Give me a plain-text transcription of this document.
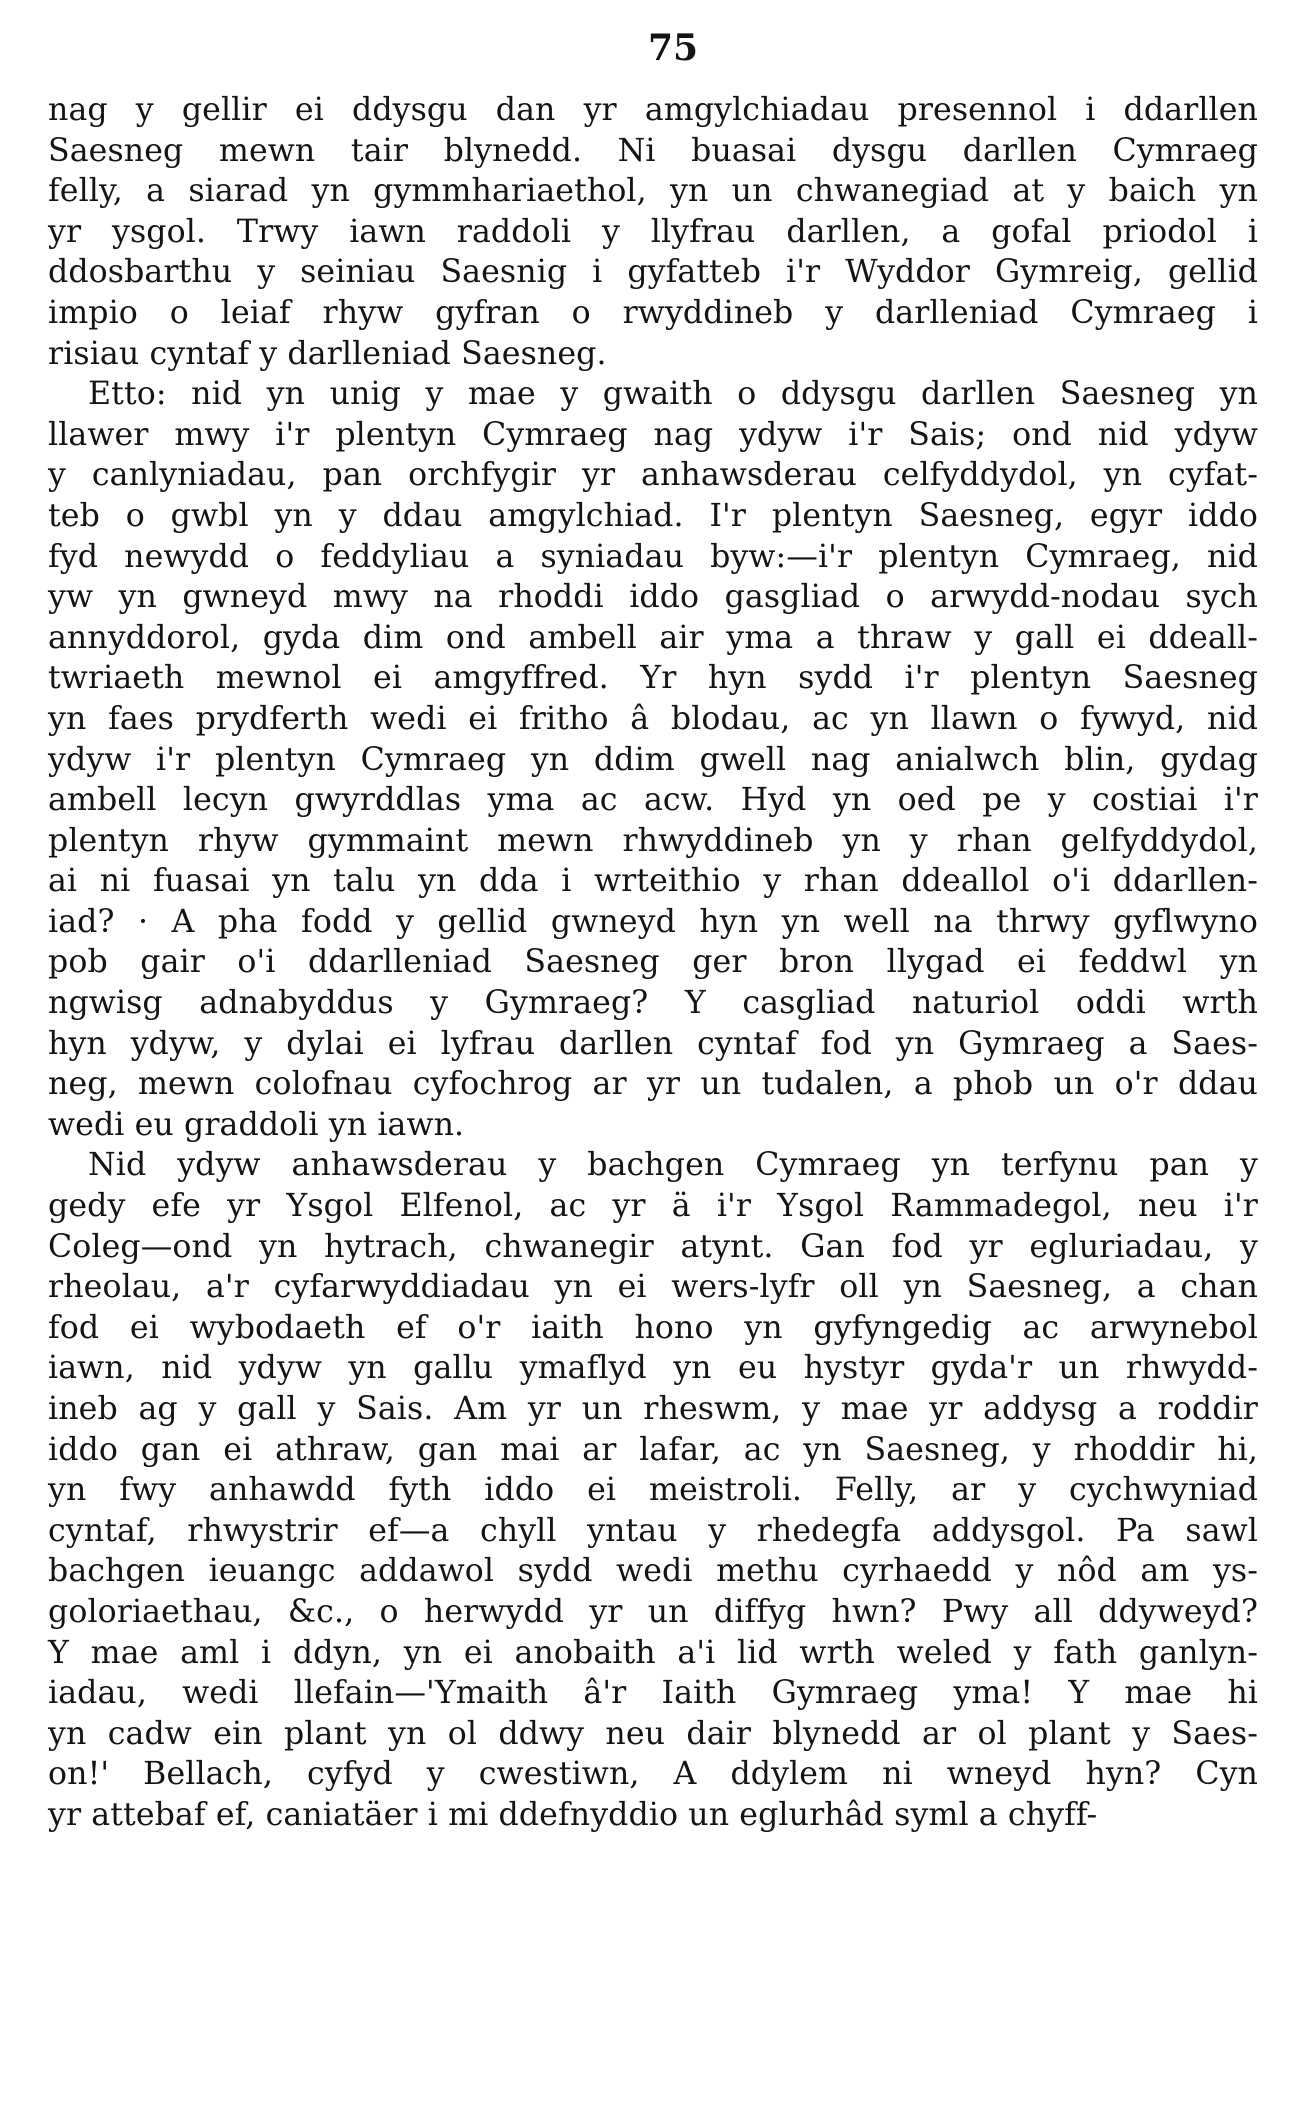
75
nag y gellir ei ddysgu dan yr amgylchiadau presennol i ddarllen
Saesneg mewn tair blynedd. Ni buasai dysgu darllen Cymraeg
felly, a siarad yn gymmhariaethol, yn un chwanegiad at y baich yn
yr ysgol. Trwy iawn raddoli y llyfrau darllen, a gofal priodol i
ddosbarthu y seiniau Saesnig i gyfatteb i'r Wyddor Gymreig, gellid
impio o leiaf rhyw gyfran o rwyddineb y darlleniad Cymraeg i
risiau cyntaf y darlleniad Saesneg.
Etto: nid yn unig y mae y gwaith o ddysgu darllen Saesneg yn
llawer mwy i'r plentyn Cymraeg nag ydyw i'r Sais; ond nid ydyw
y canlyniadau, pan orchfygir yr anhawsderau celfyddydol, yn cyfat-
teb o gwbl yn y ddau amgylchiad. I'r plentyn Saesneg, egyr iddo
fyd newydd o feddyliau a syniadau byw:—i'r plentyn Cymraeg, nid
yw yn gwneyd mwy na rhoddi iddo gasgliad o arwydd-nodau sych
annyddorol, gyda dim ond ambell air yma a thraw y gall ei ddeall-
twriaeth mewnol ei amgyffred. Yr hyn sydd i'r plentyn Saesneg
yn faes prydferth wedi ei fritho â blodau, ac yn llawn o fywyd, nid
ydyw i'r plentyn Cymraeg yn ddim gwell nag anialwch blin, gydag
ambell lecyn gwyrddlas yma ac acw. Hyd yn oed pe y costiai i'r
plentyn rhyw gymmaint mewn rhwyddineb yn y rhan gelfyddydol,
ai ni fuasai yn talu yn dda i wrteithio y rhan ddeallol o'i ddarllen-
iad? · A pha fodd y gellid gwneyd hyn yn well na thrwy gyflwyno
pob gair o'i ddarlleniad Saesneg ger bron llygad ei feddwl yn
ngwisg adnabyddus y Gymraeg? Y casgliad naturiol oddi wrth
hyn ydyw, y dylai ei lyfrau darllen cyntaf fod yn Gymraeg a Saes-
neg, mewn colofnau cyfochrog ar yr un tudalen, a phob un o'r ddau
wedi eu graddoli yn iawn.
Nid ydyw anhawsderau y bachgen Cymraeg yn terfynu pan y
gedy efe yr Ysgol Elfenol, ac yr ä i'r Ysgol Rammadegol, neu i'r
Coleg—ond yn hytrach, chwanegir atynt. Gan fod yr egluriadau, y
rheolau, a'r cyfarwyddiadau yn ei wers-lyfr oll yn Saesneg, a chan
fod ei wybodaeth ef o'r iaith hono yn gyfyngedig ac arwynebol
iawn, nid ydyw yn gallu ymaflyd yn eu hystyr gyda'r un rhwydd-
ineb ag y gall y Sais. Am yr un rheswm, y mae yr addysg a roddir
iddo gan ei athraw, gan mai ar lafar, ac yn Saesneg, y rhoddir hi,
yn fwy anhawdd fyth iddo ei meistroli. Felly, ar y cychwyniad
cyntaf, rhwystrir ef—a chyll yntau y rhedegfa addysgol. Pa sawl
bachgen ieuangc addawol sydd wedi methu cyrhaedd y nôd am ys-
goloriaethau, &c., o herwydd yr un diffyg hwn? Pwy all ddyweyd?
Y mae aml i ddyn, yn ei anobaith a'i lid wrth weled y fath ganlyn-
iadau, wedi llefain—'Ymaith â'r Iaith Gymraeg yma! Y mae hi
yn cadw ein plant yn ol ddwy neu dair blynedd ar ol plant y Saes-
on!' Bellach, cyfyd y cwestiwn, A ddylem ni wneyd hyn? Cyn
yr attebaf ef, caniatäer i mi ddefnyddio un eglurhâd syml a chyff-
